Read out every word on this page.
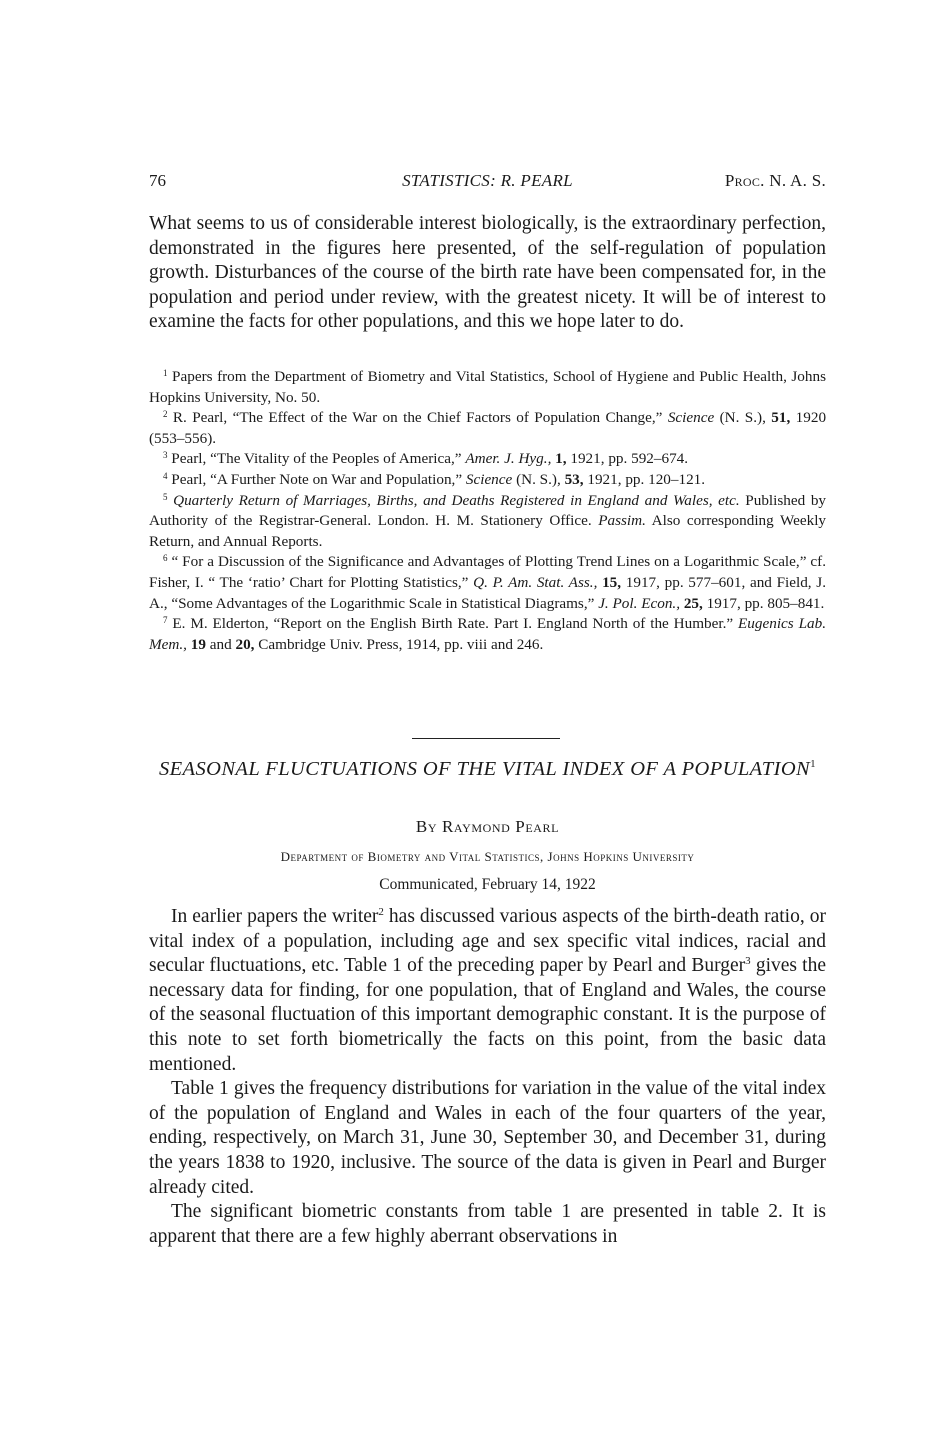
76	STATISTICS: R. PEARL	Proc. N. A. S.

What seems to us of considerable interest biologically, is the extraordinary perfection, demonstrated in the figures here presented, of the self-regulation of population growth. Disturbances of the course of the birth rate have been compensated for, in the population and period under review, with the greatest nicety. It will be of interest to examine the facts for other populations, and this we hope later to do.

$^1$ Papers from the Department of Biometry and Vital Statistics, School of Hygiene and Public Health, Johns Hopkins University, No. 50.

$^2$ R. Pearl, “The Effect of the War on the Chief Factors of Population Change,” Science (N. S.), 51, 1920 (553–556).

$^3$ Pearl, “The Vitality of the Peoples of America,” Amer. J. Hyg., 1, 1921, pp. 592–674.

$^4$ Pearl, “A Further Note on War and Population,” Science (N. S.), 53, 1921, pp. 120–121.

$^5$ Quarterly Return of Marriages, Births, and Deaths Registered in England and Wales, etc. Published by Authority of the Registrar-General. London. H. M. Stationery Office. Passim. Also corresponding Weekly Return, and Annual Reports.

$^6$ “ For a Discussion of the Significance and Advantages of Plotting Trend Lines on a Logarithmic Scale,” cf. Fisher, I. “ The ‘ratio’ Chart for Plotting Statistics,” Q. P. Am. Stat. Ass., 15, 1917, pp. 577–601, and Field, J. A., “Some Advantages of the Logarithmic Scale in Statistical Diagrams,” J. Pol. Econ., 25, 1917, pp. 805–841.

$^7$ E. M. Elderton, “Report on the English Birth Rate. Part I. England North of the Humber.” Eugenics Lab. Mem., 19 and 20, Cambridge Univ. Press, 1914, pp. viii and 246.

SEASONAL FLUCTUATIONS OF THE VITAL INDEX OF A POPULATION$^1$

By Raymond Pearl

Department of Biometry and Vital Statistics, Johns Hopkins University

Communicated, February 14, 1922

In earlier papers the writer$^2$ has discussed various aspects of the birth-death ratio, or vital index of a population, including age and sex specific vital indices, racial and secular fluctuations, etc. Table 1 of the preceding paper by Pearl and Burger$^3$ gives the necessary data for finding, for one population, that of England and Wales, the course of the seasonal fluctuation of this important demographic constant. It is the purpose of this note to set forth biometrically the facts on this point, from the basic data mentioned.

Table 1 gives the frequency distributions for variation in the value of the vital index of the population of England and Wales in each of the four quarters of the year, ending, respectively, on March 31, June 30, September 30, and December 31, during the years 1838 to 1920, inclusive. The source of the data is given in Pearl and Burger already cited.

The significant biometric constants from table 1 are presented in table 2. It is apparent that there are a few highly aberrant observations in
